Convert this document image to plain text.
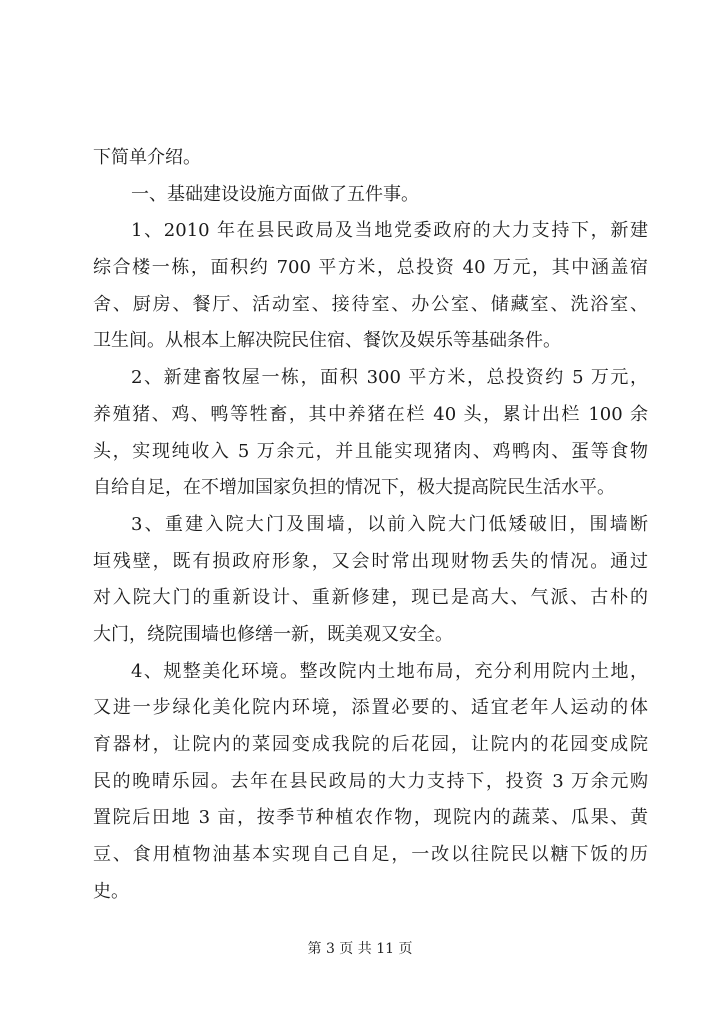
下简单介绍。
一、基础建设设施方面做了五件事。
1、2010 年在县民政局及当地党委政府的大力支持下，新建
综合楼一栋，面积约 700 平方米，总投资 40 万元，其中涵盖宿
舍、厨房、餐厅、活动室、接待室、办公室、储藏室、洗浴室、
卫生间。从根本上解决院民住宿、餐饮及娱乐等基础条件。
2、新建畜牧屋一栋，面积 300 平方米，总投资约 5 万元，
养殖猪、鸡、鸭等牲畜，其中养猪在栏 40 头，累计出栏 100 余
头，实现纯收入 5 万余元，并且能实现猪肉、鸡鸭肉、蛋等食物
自给自足，在不增加国家负担的情况下，极大提高院民生活水平。
3、重建入院大门及围墙，以前入院大门低矮破旧，围墙断
垣残壁，既有损政府形象，又会时常出现财物丢失的情况。通过
对入院大门的重新设计、重新修建，现已是高大、气派、古朴的
大门，绕院围墙也修缮一新，既美观又安全。
4、规整美化环境。整改院内土地布局，充分利用院内土地，
又进一步绿化美化院内环境，添置必要的、适宜老年人运动的体
育器材，让院内的菜园变成我院的后花园，让院内的花园变成院
民的晚晴乐园。去年在县民政局的大力支持下，投资 3 万余元购
置院后田地 3 亩，按季节种植农作物，现院内的蔬菜、瓜果、黄
豆、食用植物油基本实现自己自足，一改以往院民以糖下饭的历
史。
第 3 页 共 11 页
